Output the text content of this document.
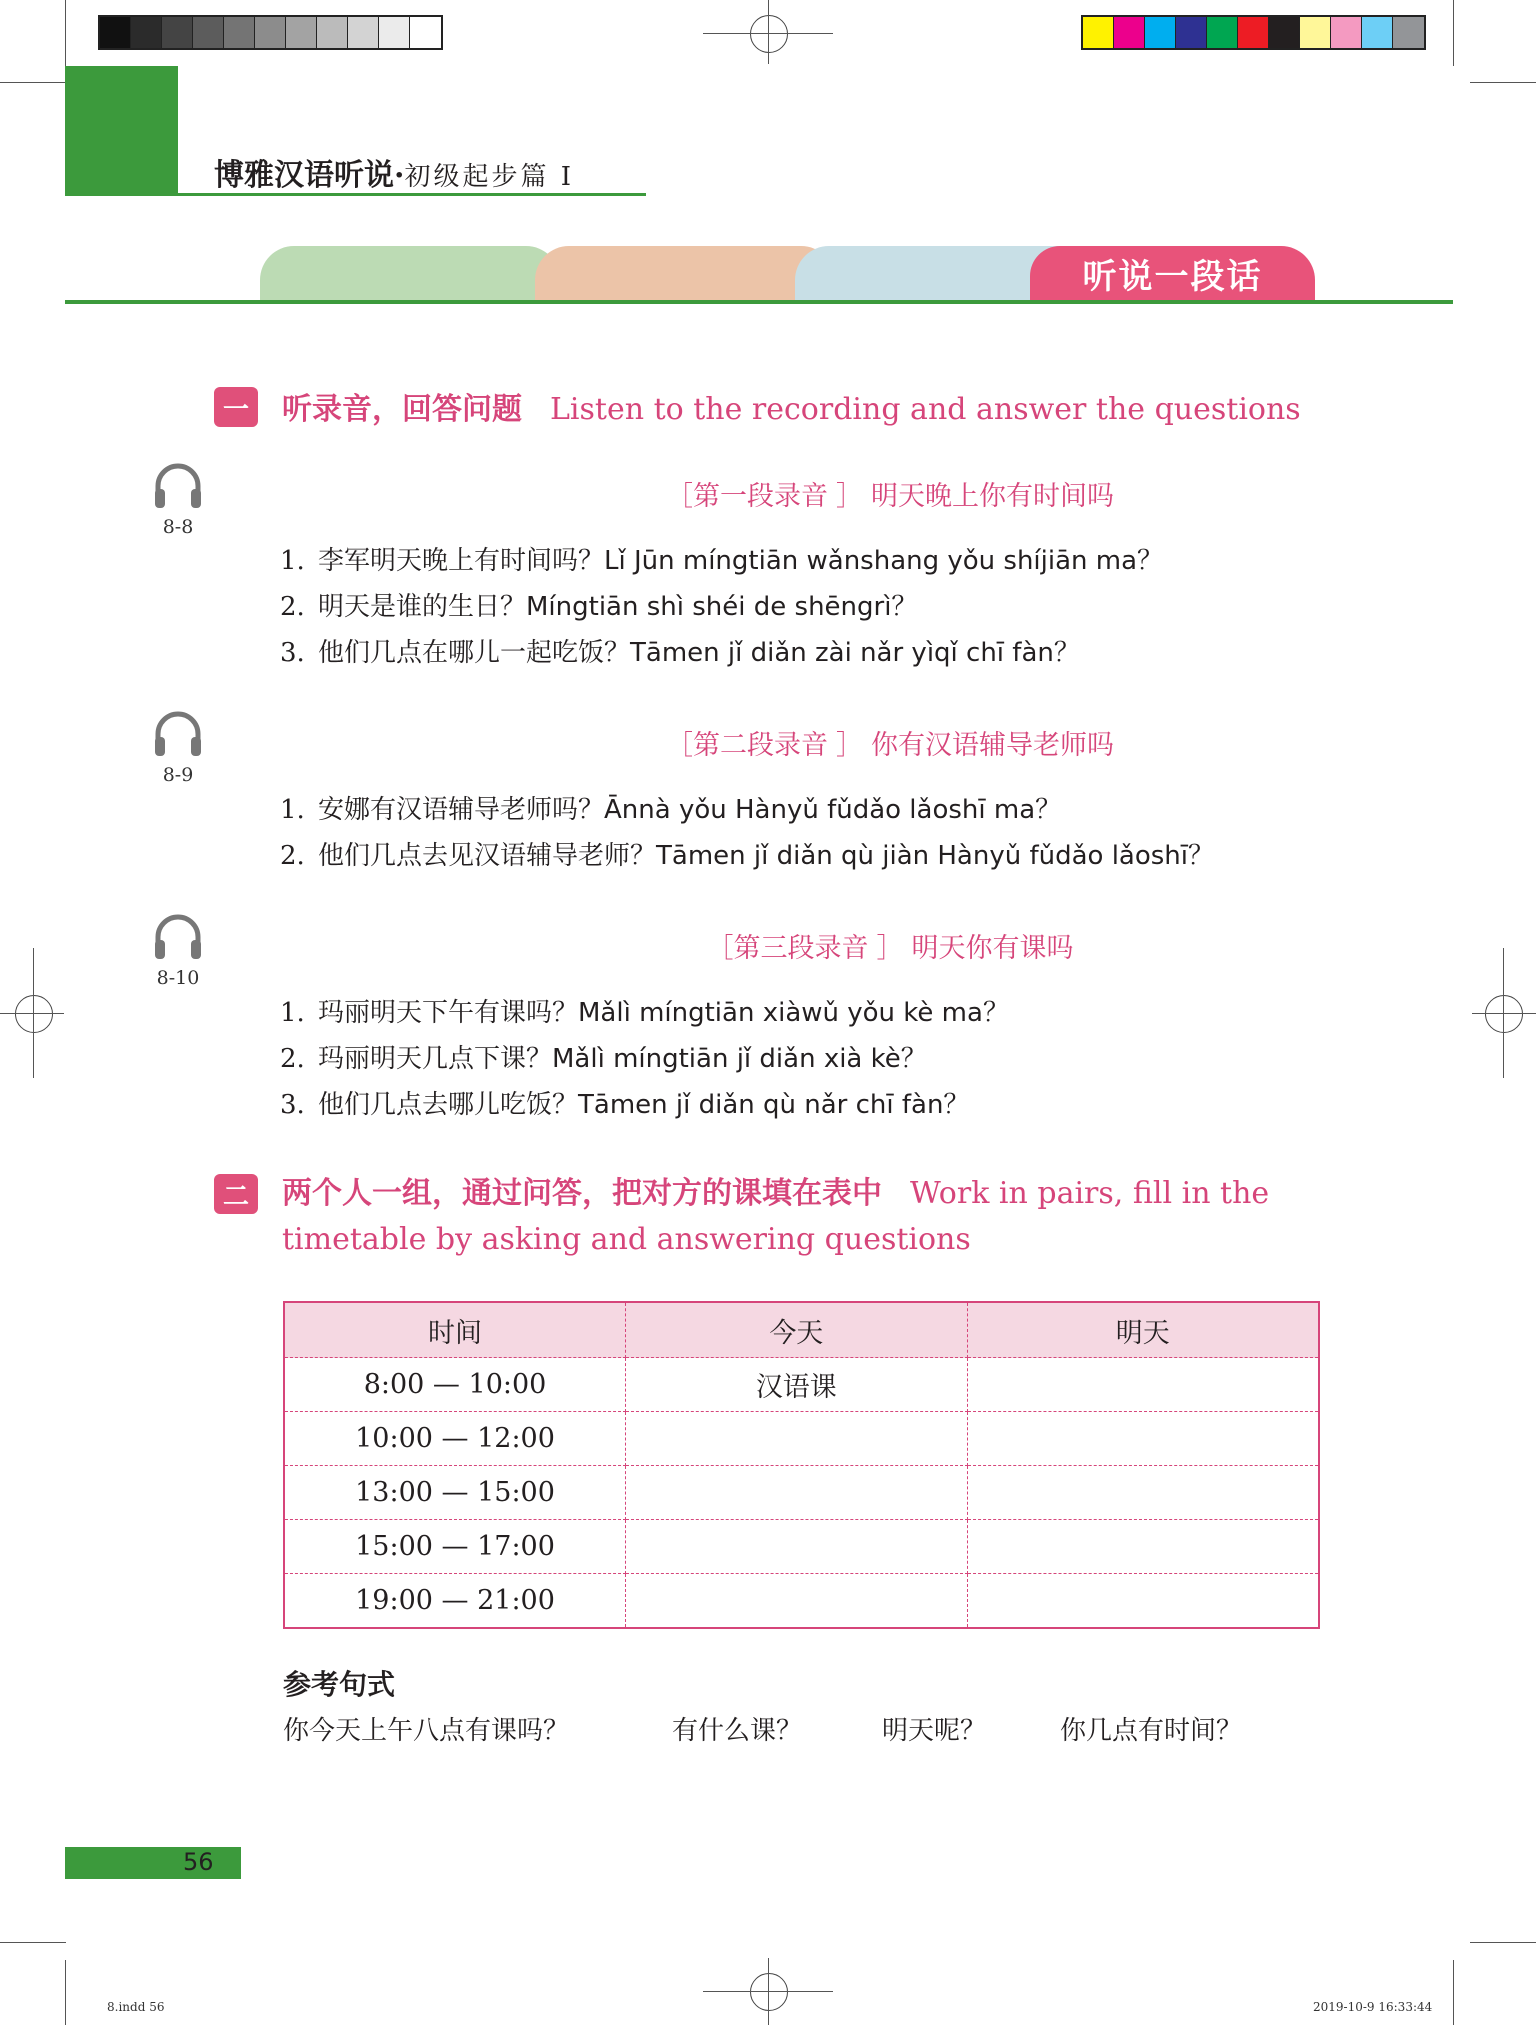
博雅汉语听说·初级起步篇 I
听说一段话
一	听录音，回答问题 Listen to the recording and answer the questions
8-8
［第一段录音 ］ 明天晚上你有时间吗
1. 李军明天晚上有时间吗？Lǐ Jūn míngtiān wǎnshang yǒu shíjiān ma？
2. 明天是谁的生日？Míngtiān shì shéi de shēngrì？
3. 他们几点在哪儿一起吃饭？Tāmen jǐ diǎn zài nǎr yìqǐ chī fàn？
8-9
［第二段录音 ］ 你有汉语辅导老师吗
1. 安娜有汉语辅导老师吗？Ānnà yǒu Hànyǔ fǔdǎo lǎoshī ma？
2. 他们几点去见汉语辅导老师？Tāmen jǐ diǎn qù jiàn Hànyǔ fǔdǎo lǎoshī？
8-10
［第三段录音 ］ 明天你有课吗
1. 玛丽明天下午有课吗？Mǎlì míngtiān xiàwǔ yǒu kè ma？
2. 玛丽明天几点下课？Mǎlì míngtiān jǐ diǎn xià kè？
3. 他们几点去哪儿吃饭？Tāmen jǐ diǎn qù nǎr chī fàn？
二	两个人一组，通过问答，把对方的课填在表中 Work in pairs, fill in the timetable by asking and answering questions
时间	今天	明天
8:00 — 10:00	汉语课	
10:00 — 12:00		
13:00 — 15:00		
15:00 — 17:00		
19:00 — 21:00		
参考句式
你今天上午八点有课吗？	有什么课？	明天呢？	你几点有时间？
56
8.indd 56	2019-10-9 16:33:44
